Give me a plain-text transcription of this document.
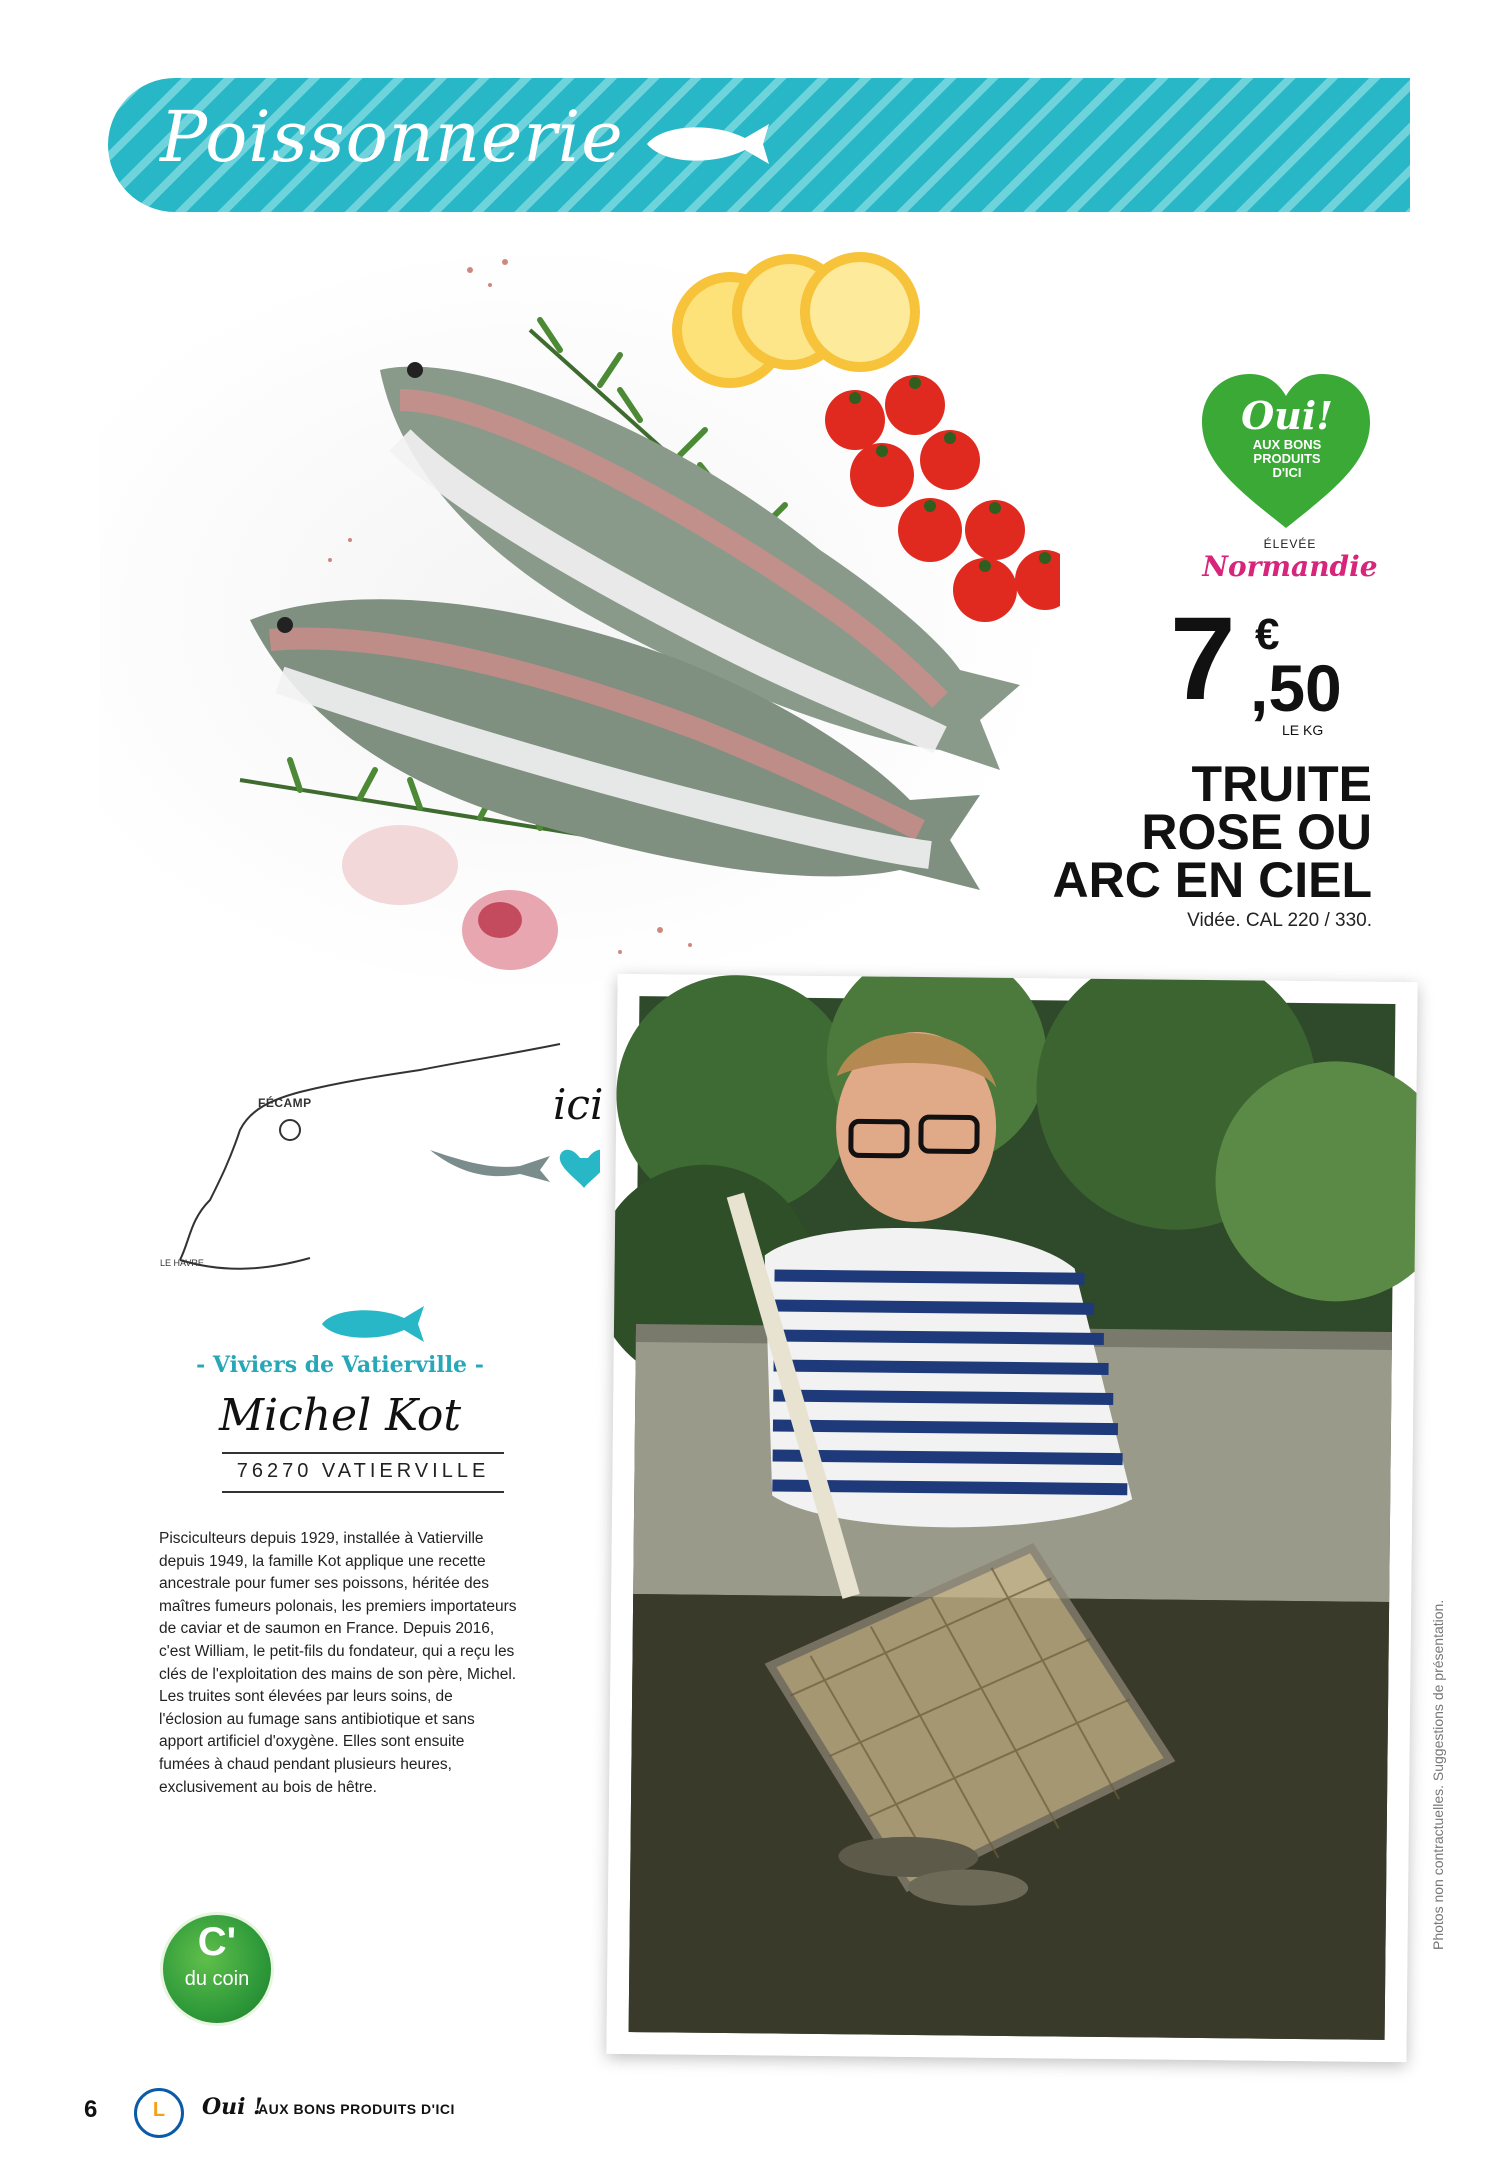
Poissonnerie
Oui!
AUX BONS PRODUITS D'ICI
ÉLEVÉE
Normandie
7 €
,50
LE KG
TRUITE
ROSE OU
ARC EN CIEL
Vidée. CAL 220 / 330.
FÉCAMP
LE HAVRE
ici
- Viviers de Vatierville -
Michel Kot
76270 VATIERVILLE
Pisciculteurs depuis 1929, installée à Vatierville depuis 1949, la famille Kot applique une recette ancestrale pour fumer ses poissons, héritée des maîtres fumeurs polonais, les premiers importateurs de caviar et de saumon en France. Depuis 2016, c'est William, le petit-fils du fondateur, qui a reçu les clés de l'exploitation des mains de son père, Michel. Les truites sont élevées par leurs soins, de l'éclosion au fumage sans antibiotique et sans apport artificiel d'oxygène. Elles sont ensuite fumées à chaud pendant plusieurs heures, exclusivement au bois de hêtre.
C'
du coin
Photos non contractuelles. Suggestions de présentation.
6	L	Oui !
AUX BONS PRODUITS D'ICI
